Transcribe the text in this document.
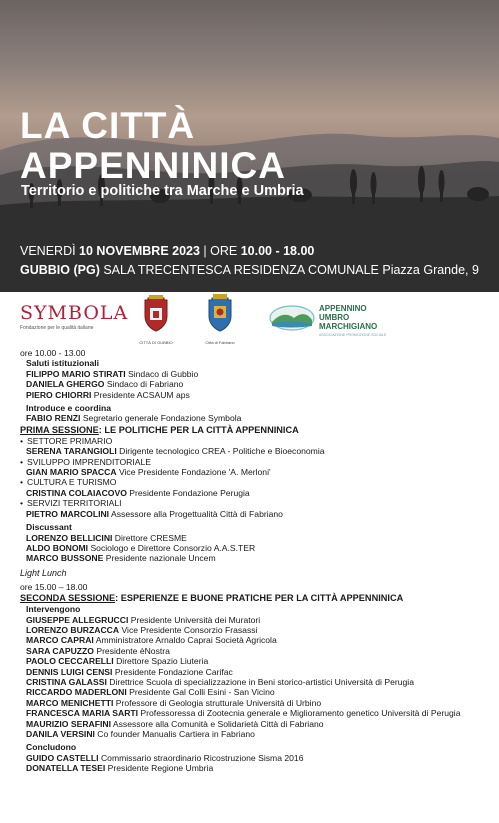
LA CITTÀ
APPENNINICA
Territorio e politiche tra Marche e Umbria
VENERDÌ 10 NOVEMBRE 2023 | ORE 10.00 - 18.00
GUBBIO (PG) SALA TRECENTESCA RESIDENZA COMUNALE Piazza Grande, 9
SYMBOLA
Fondazione per le qualità italiane
CITTÀ DI GUBBIO	Città di Fabriano
APPENNINO
UMBRO
MARCHIGIANO
ASSOCIAZIONE PROMOZIONE SOCIALE
ore 10.00 - 13.00
Saluti istituzionali
FILIPPO MARIO STIRATI Sindaco di Gubbio
DANIELA GHERGO Sindaco di Fabriano
PIERO CHIORRI Presidente ACSAUM aps
Introduce e coordina
FABIO RENZI Segretario generale Fondazione Symbola
PRIMA SESSIONE: LE POLITICHE PER LA CITTÀ APPENNINICA
• SETTORE PRIMARIO
SERENA TARANGIOLI Dirigente tecnologico CREA - Politiche e Bioeconomia
• SVILUPPO IMPRENDITORIALE
GIAN MARIO SPACCA Vice Presidente Fondazione 'A. Merloni'
• CULTURA E TURISMO
CRISTINA COLAIACOVO Presidente Fondazione Perugia
• SERVIZI TERRITORIALI
PIETRO MARCOLINI Assessore alla Progettualità Città di Fabriano
Discussant
LORENZO BELLICINI Direttore CRESME
ALDO BONOMI Sociologo e Direttore Consorzio A.A.S.TER
MARCO BUSSONE Presidente nazionale Uncem
Light Lunch
ore 15.00 – 18.00
SECONDA SESSIONE: ESPERIENZE E BUONE PRATICHE PER LA CITTÀ APPENNINICA
Intervengono
GIUSEPPE ALLEGRUCCI Presidente Università dei Muratori
LORENZO BURZACCA Vice Presidente Consorzio Frasassi
MARCO CAPRAI Amministratore Arnaldo Caprai Società Agricola
SARA CAPUZZO Presidente èNostra
PAOLO CECCARELLI Direttore Spazio Liuteria
DENNIS LUIGI CENSI Presidente Fondazione Carifac
CRISTINA GALASSI Direttrice Scuola di specializzazione in Beni storico-artistici Università di Perugia
RICCARDO MADERLONI Presidente Gal Colli Esini - San Vicino
MARCO MENICHETTI Professore di Geologia strutturale Università di Urbino
FRANCESCA MARIA SARTI Professoressa di Zootecnia generale e Miglioramento genetico Università di Perugia
MAURIZIO SERAFINI Assessore alla Comunità e Solidarietà Città di Fabriano
DANILA VERSINI Co founder Manualis Cartiera in Fabriano
Concludono
GUIDO CASTELLI Commissario straordinario Ricostruzione Sisma 2016
DONATELLA TESEI Presidente Regione Umbria
